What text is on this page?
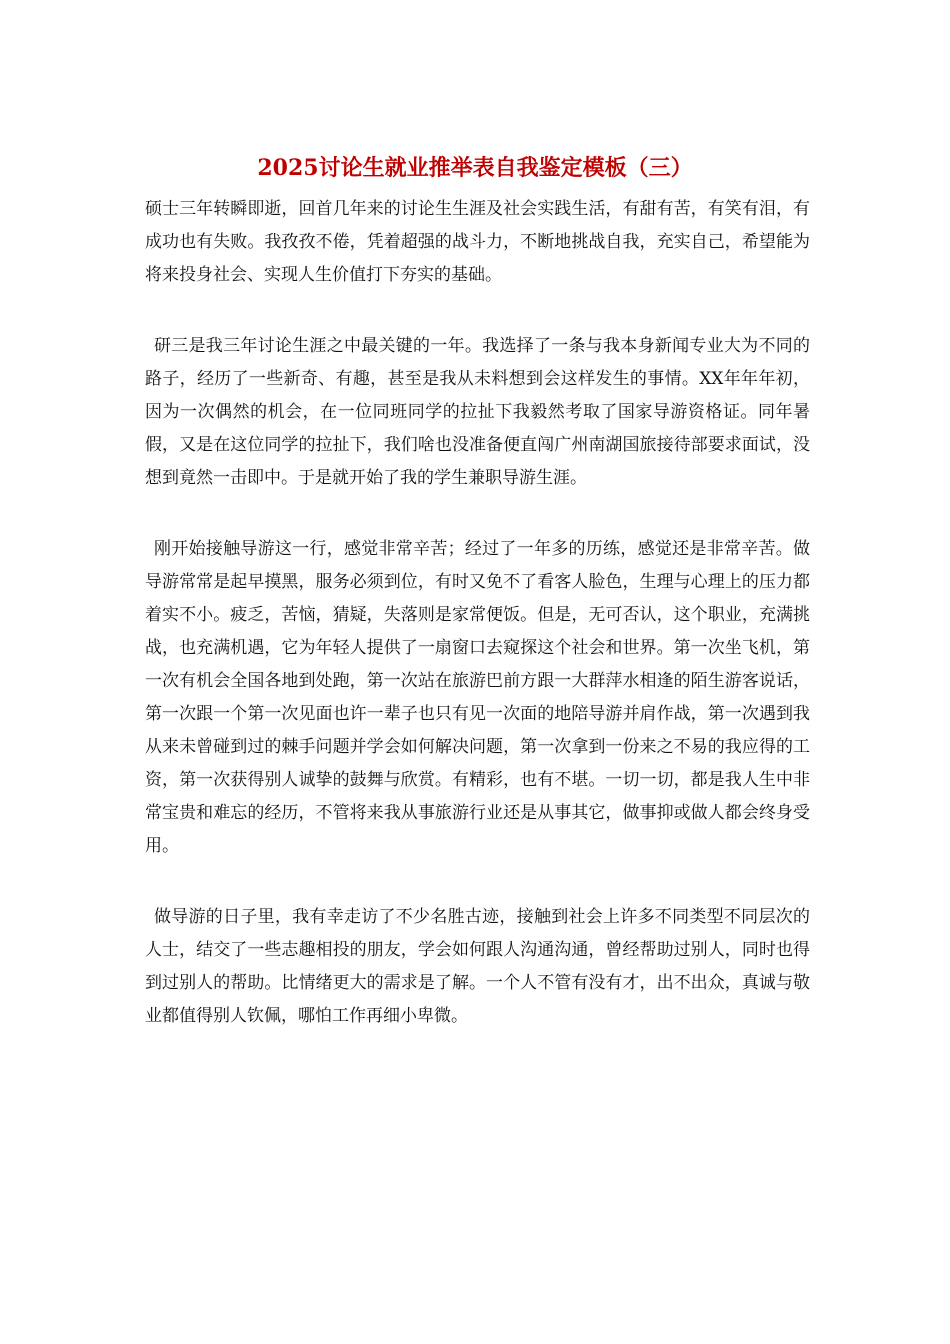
2025讨论生就业推举表自我鉴定模板（三）

硕士三年转瞬即逝，回首几年来的讨论生生涯及社会实践生活，有甜有苦，有笑有泪，有成功也有失败。我孜孜不倦，凭着超强的战斗力，不断地挑战自我，充实自己，希望能为将来投身社会、实现人生价值打下夯实的基础。

研三是我三年讨论生涯之中最关键的一年。我选择了一条与我本身新闻专业大为不同的路子，经历了一些新奇、有趣，甚至是我从未料想到会这样发生的事情。XX年年年初，因为一次偶然的机会，在一位同班同学的拉扯下我毅然考取了国家导游资格证。同年暑假，又是在这位同学的拉扯下，我们啥也没准备便直闯广州南湖国旅接待部要求面试，没想到竟然一击即中。于是就开始了我的学生兼职导游生涯。

刚开始接触导游这一行，感觉非常辛苦；经过了一年多的历练，感觉还是非常辛苦。做导游常常是起早摸黑，服务必须到位，有时又免不了看客人脸色，生理与心理上的压力都着实不小。疲乏，苦恼，猜疑，失落则是家常便饭。但是，无可否认，这个职业，充满挑战，也充满机遇，它为年轻人提供了一扇窗口去窥探这个社会和世界。第一次坐飞机，第一次有机会全国各地到处跑，第一次站在旅游巴前方跟一大群萍水相逢的陌生游客说话，第一次跟一个第一次见面也许一辈子也只有见一次面的地陪导游并肩作战，第一次遇到我从来未曾碰到过的棘手问题并学会如何解决问题，第一次拿到一份来之不易的我应得的工资，第一次获得别人诚挚的鼓舞与欣赏。有精彩，也有不堪。一切一切，都是我人生中非常宝贵和难忘的经历，不管将来我从事旅游行业还是从事其它，做事抑或做人都会终身受用。

做导游的日子里，我有幸走访了不少名胜古迹，接触到社会上许多不同类型不同层次的人士，结交了一些志趣相投的朋友，学会如何跟人沟通沟通，曾经帮助过别人，同时也得到过别人的帮助。比情绪更大的需求是了解。一个人不管有没有才，出不出众，真诚与敬业都值得别人钦佩，哪怕工作再细小卑微。
